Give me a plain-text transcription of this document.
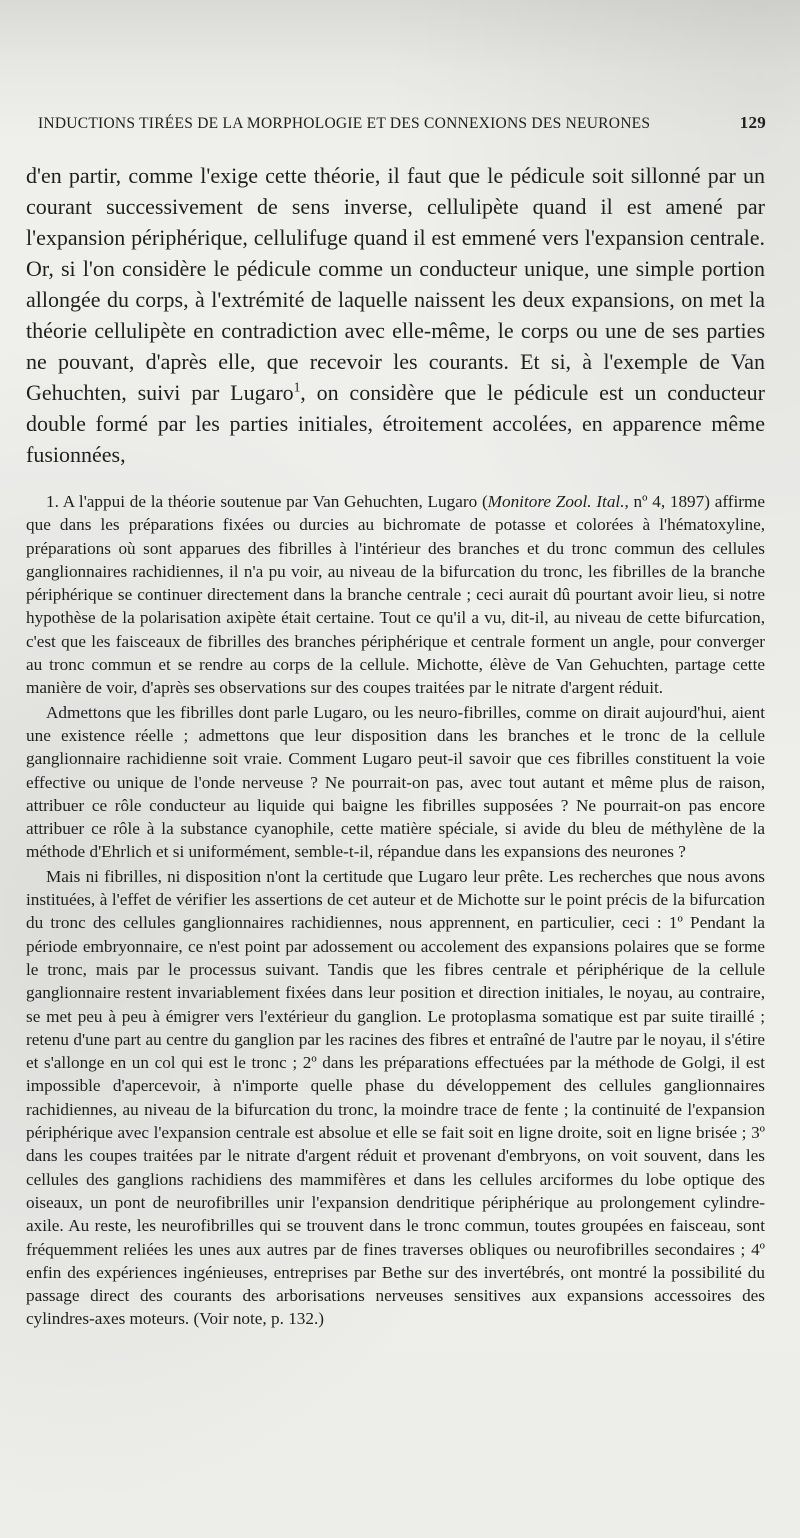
INDUCTIONS TIRÉES DE LA MORPHOLOGIE ET DES CONNEXIONS DES NEURONES	129

d'en partir, comme l'exige cette théorie, il faut que le pédicule soit sillonné par un courant successivement de sens inverse, cellulipète quand il est amené par l'expansion périphérique, cellulifuge quand il est emmené vers l'expansion centrale. Or, si l'on considère le pédicule comme un conducteur unique, une simple portion allongée du corps, à l'extrémité de laquelle naissent les deux expansions, on met la théorie cellulipète en contradiction avec elle-même, le corps ou une de ses parties ne pouvant, d'après elle, que recevoir les courants. Et si, à l'exemple de Van Gehuchten, suivi par Lugaro$^1$, on considère que le pédicule est un conducteur double formé par les parties initiales, étroitement accolées, en apparence même fusionnées,

1. A l'appui de la théorie soutenue par Van Gehuchten, Lugaro (Monitore Zool. Ital., nº 4, 1897) affirme que dans les préparations fixées ou durcies au bichromate de potasse et colorées à l'hématoxyline, préparations où sont apparues des fibrilles à l'intérieur des branches et du tronc commun des cellules ganglionnaires rachidiennes, il n'a pu voir, au niveau de la bifurcation du tronc, les fibrilles de la branche périphérique se continuer directement dans la branche centrale ; ceci aurait dû pourtant avoir lieu, si notre hypothèse de la polarisation axipète était certaine. Tout ce qu'il a vu, dit-il, au niveau de cette bifurcation, c'est que les faisceaux de fibrilles des branches périphérique et centrale forment un angle, pour converger au tronc commun et se rendre au corps de la cellule. Michotte, élève de Van Gehuchten, partage cette manière de voir, d'après ses observations sur des coupes traitées par le nitrate d'argent réduit.

Admettons que les fibrilles dont parle Lugaro, ou les neuro-fibrilles, comme on dirait aujourd'hui, aient une existence réelle ; admettons que leur disposition dans les branches et le tronc de la cellule ganglionnaire rachidienne soit vraie. Comment Lugaro peut-il savoir que ces fibrilles constituent la voie effective ou unique de l'onde nerveuse ? Ne pourrait-on pas, avec tout autant et même plus de raison, attribuer ce rôle conducteur au liquide qui baigne les fibrilles supposées ? Ne pourrait-on pas encore attribuer ce rôle à la substance cyanophile, cette matière spéciale, si avide du bleu de méthylène de la méthode d'Ehrlich et si uniformément, semble-t-il, répandue dans les expansions des neurones ?

Mais ni fibrilles, ni disposition n'ont la certitude que Lugaro leur prête. Les recherches que nous avons instituées, à l'effet de vérifier les assertions de cet auteur et de Michotte sur le point précis de la bifurcation du tronc des cellules ganglionnaires rachidiennes, nous apprennent, en particulier, ceci : 1º Pendant la période embryonnaire, ce n'est point par adossement ou accolement des expansions polaires que se forme le tronc, mais par le processus suivant. Tandis que les fibres centrale et périphérique de la cellule ganglionnaire restent invariablement fixées dans leur position et direction initiales, le noyau, au contraire, se met peu à peu à émigrer vers l'extérieur du ganglion. Le protoplasma somatique est par suite tiraillé ; retenu d'une part au centre du ganglion par les racines des fibres et entraîné de l'autre par le noyau, il s'étire et s'allonge en un col qui est le tronc ; 2º dans les préparations effectuées par la méthode de Golgi, il est impossible d'apercevoir, à n'importe quelle phase du développement des cellules ganglionnaires rachidiennes, au niveau de la bifurcation du tronc, la moindre trace de fente ; la continuité de l'expansion périphérique avec l'expansion centrale est absolue et elle se fait soit en ligne droite, soit en ligne brisée ; 3º dans les coupes traitées par le nitrate d'argent réduit et provenant d'embryons, on voit souvent, dans les cellules des ganglions rachidiens des mammifères et dans les cellules arciformes du lobe optique des oiseaux, un pont de neurofibrilles unir l'expansion dendritique périphérique au prolongement cylindre-axile. Au reste, les neurofibrilles qui se trouvent dans le tronc commun, toutes groupées en faisceau, sont fréquemment reliées les unes aux autres par de fines traverses obliques ou neurofibrilles secondaires ; 4º enfin des expériences ingénieuses, entreprises par Bethe sur des invertébrés, ont montré la possibilité du passage direct des courants des arborisations nerveuses sensitives aux expansions accessoires des cylindres-axes moteurs. (Voir note, p. 132.)
